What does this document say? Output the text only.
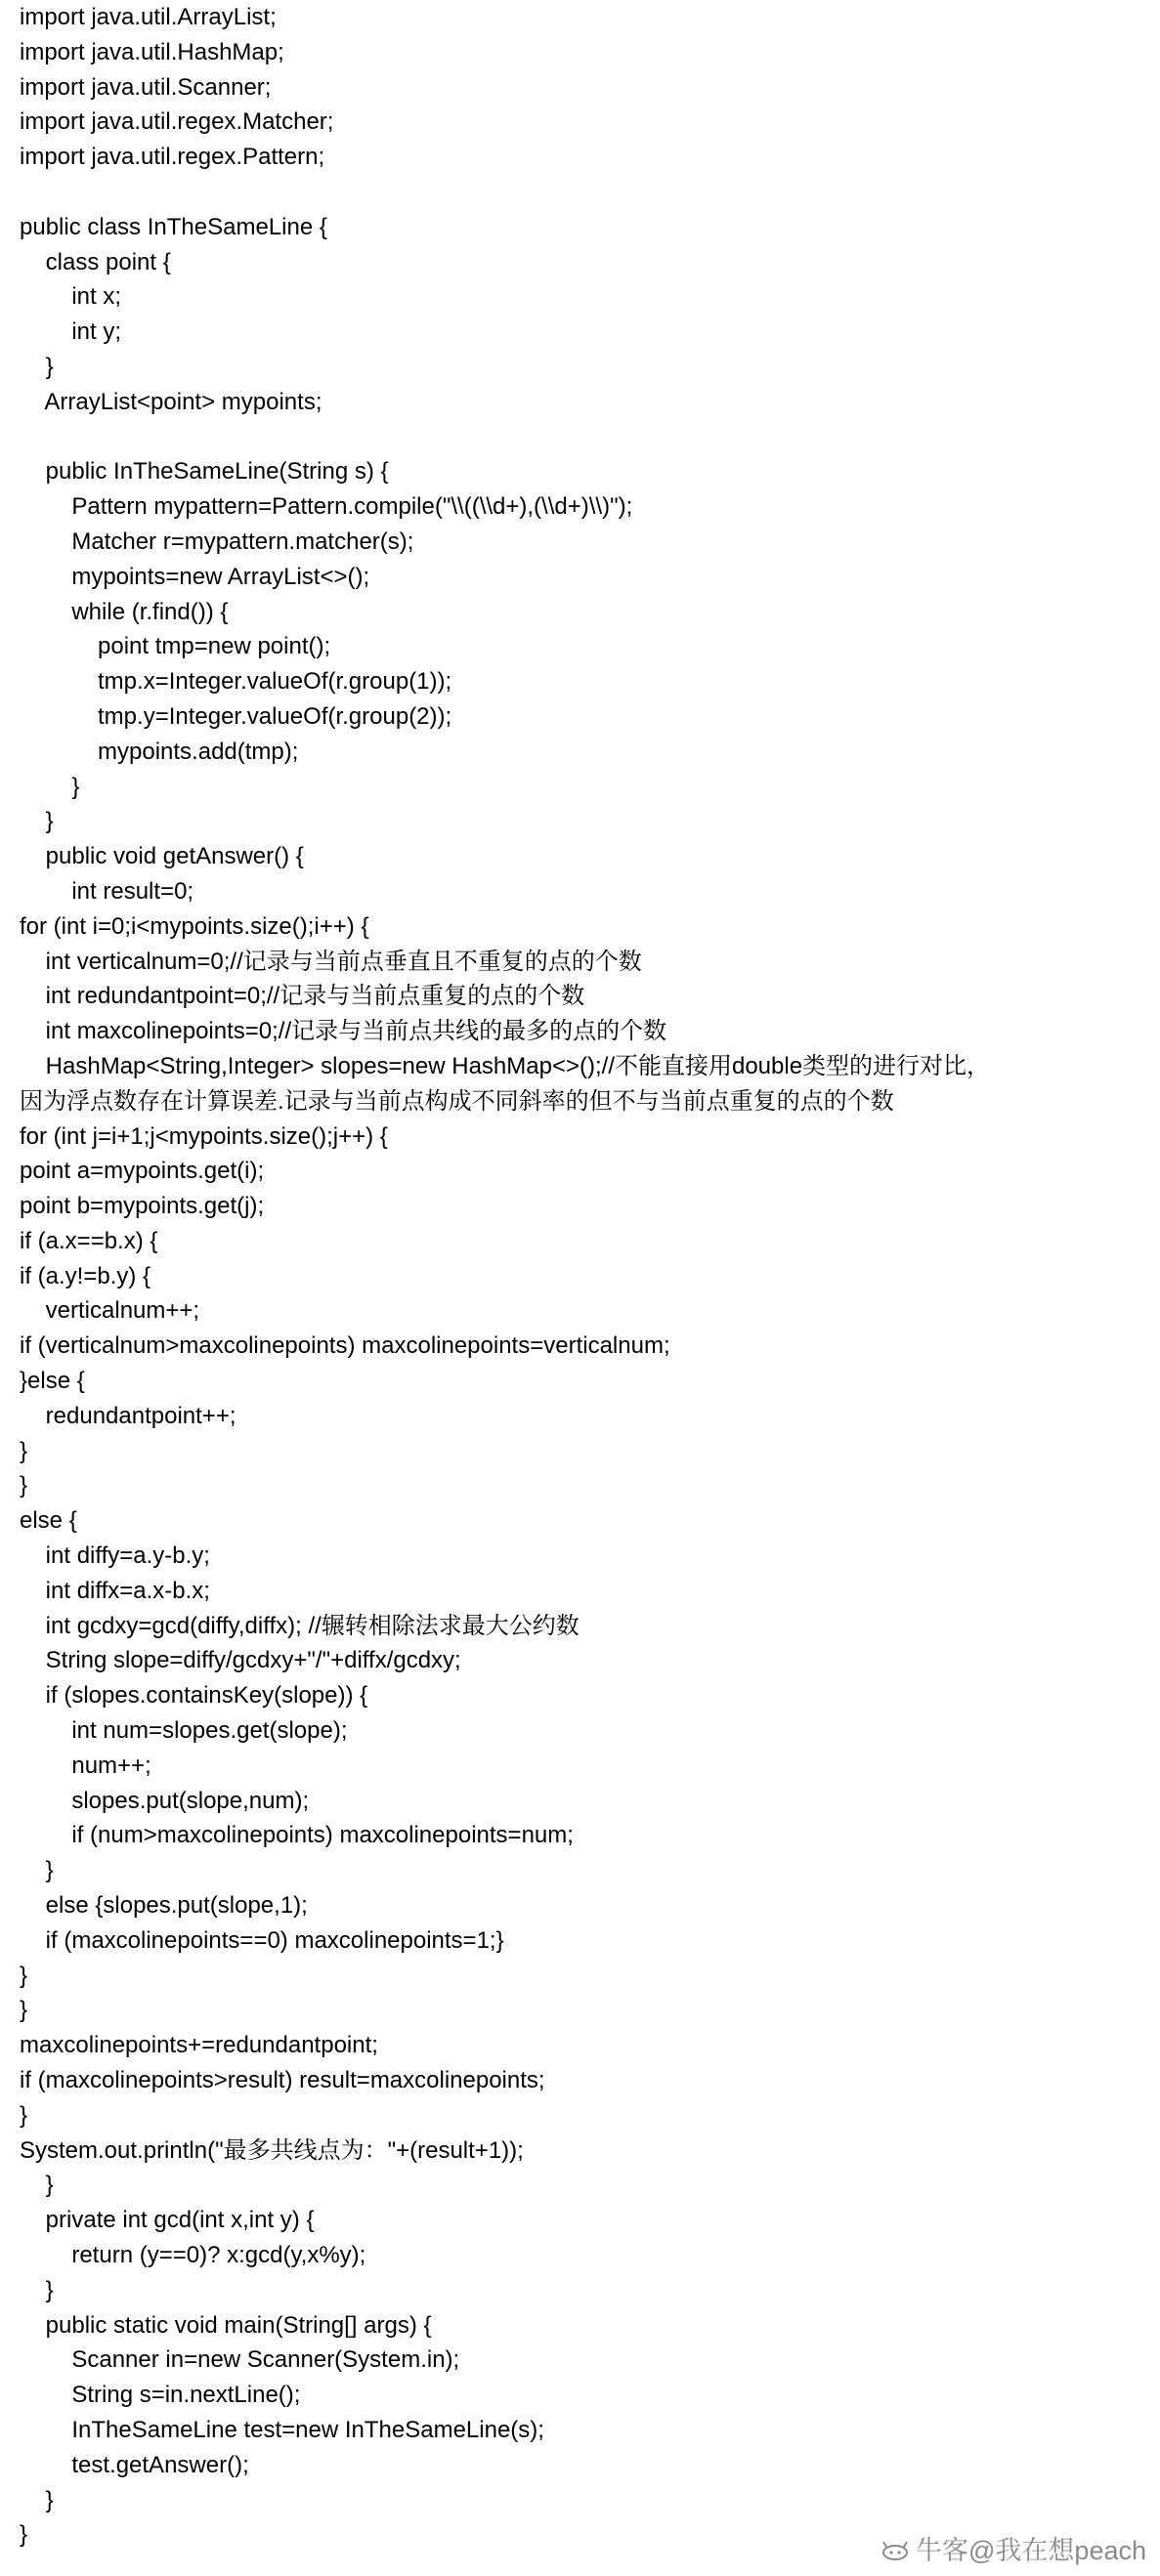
import java.util.ArrayList;
import java.util.HashMap;
import java.util.Scanner;
import java.util.regex.Matcher;
import java.util.regex.Pattern;
public class InTheSameLine {
class point {
int x;
int y;
}
ArrayList<point> mypoints;
public InTheSameLine(String s) {
Pattern mypattern=Pattern.compile("\\((\\d+),(\\d+)\\)");
Matcher r=mypattern.matcher(s);
mypoints=new ArrayList<>();
while (r.find()) {
point tmp=new point();
tmp.x=Integer.valueOf(r.group(1));
tmp.y=Integer.valueOf(r.group(2));
mypoints.add(tmp);
}
}
public void getAnswer() {
int result=0;
for (int i=0;i<mypoints.size();i++) {
int verticalnum=0;//记录与当前点垂直且不重复的点的个数
int redundantpoint=0;//记录与当前点重复的点的个数
int maxcolinepoints=0;//记录与当前点共线的最多的点的个数
HashMap<String,Integer> slopes=new HashMap<>();//不能直接用double类型的进行对比，
因为浮点数存在计算误差.记录与当前点构成不同斜率的但不与当前点重复的点的个数
for (int j=i+1;j<mypoints.size();j++) {
point a=mypoints.get(i);
point b=mypoints.get(j);
if (a.x==b.x) {
if (a.y!=b.y) {
verticalnum++;
if (verticalnum>maxcolinepoints) maxcolinepoints=verticalnum;
}else {
redundantpoint++;
}
}
else {
int diffy=a.y-b.y;
int diffx=a.x-b.x;
int gcdxy=gcd(diffy,diffx); //辗转相除法求最大公约数
String slope=diffy/gcdxy+"/"+diffx/gcdxy;
if (slopes.containsKey(slope)) {
int num=slopes.get(slope);
num++;
slopes.put(slope,num);
if (num>maxcolinepoints) maxcolinepoints=num;
}
else {slopes.put(slope,1);
if (maxcolinepoints==0) maxcolinepoints=1;}
}
}
maxcolinepoints+=redundantpoint;
if (maxcolinepoints>result) result=maxcolinepoints;
}
System.out.println("最多共线点为："+(result+1));
}
private int gcd(int x,int y) {
return (y==0)? x:gcd(y,x%y);
}
public static void main(String[] args) {
Scanner in=new Scanner(System.in);
String s=in.nextLine();
InTheSameLine test=new InTheSameLine(s);
test.getAnswer();
}
}
牛客@我在想peach
